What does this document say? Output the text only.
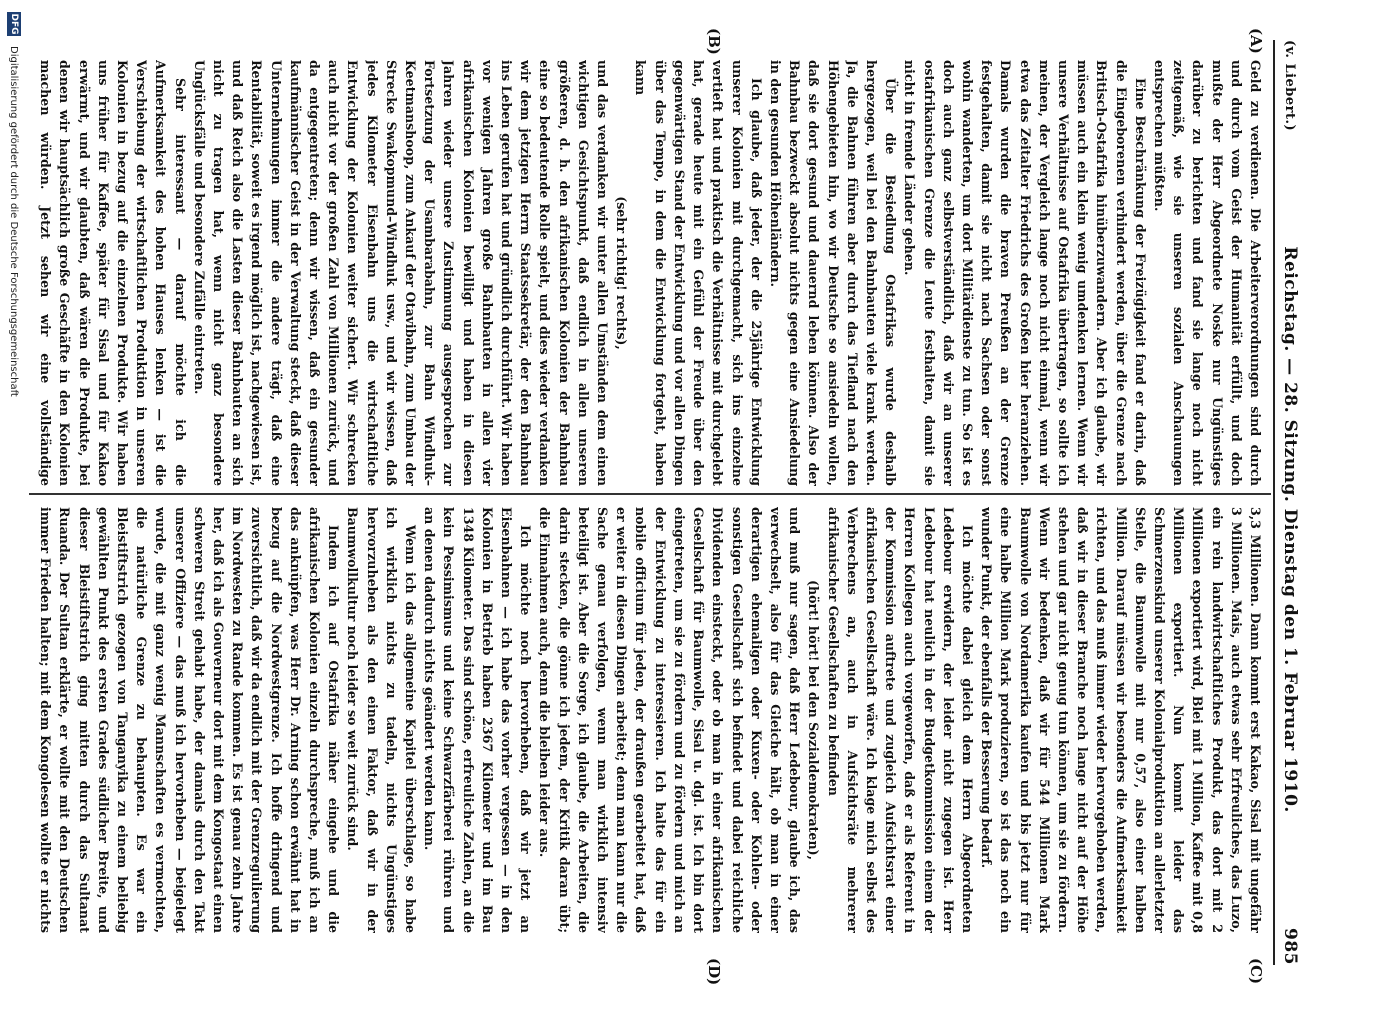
(v. Liebert.)
Reichstag. — 28. Sitzung. Dienstag den 1. Februar 1910.
985

Geld zu verdienen. Die Arbeiterverordnungen sind durch und durch vom Geist der Humanität erfüllt, und doch mußte der Herr Abgeordnete Noske nur Ungünstiges darüber zu berichten und fand sie lange noch nicht zeitgemäß, wie sie unseren sozialen Anschauungen entsprechen müßten.

Eine Beschränkung der Freizügigkeit fand er darin, daß die Eingeborenen verhindert werden, über die Grenze nach Britisch-Ostafrika hinüberzuwandern. Aber ich glaube, wir müssen auch ein klein wenig umdenken lernen. Wenn wir unsere Verhältnisse auf Ostafrika übertragen, so sollte ich meinen, der Vergleich lange noch nicht einmal, wenn wir etwa das Zeitalter Friedrichs des Großen hier heranziehen. Damals wurden die braven Preußen an der Grenze festgehalten, damit sie nicht nach Sachsen oder sonst wohin wanderten, um dort Militärdienste zu tun. So ist es doch auch ganz selbstverständlich, daß wir an unserer ostafrikanischen Grenze die Leute festhalten, damit sie nicht in fremde Länder gehen.

Über die Besiedlung Ostafrikas wurde deshalb hergezogen, weil bei den Bahnbauten viele krank werden. Ja, die Bahnen führen aber durch das Tiefland nach den Höhengebieten hin, wo wir Deutsche so ansiedeln wollen, daß sie dort gesund und dauernd leben können. Also der Bahnbau bezweckt absolut nichts gegen eine Ansiedelung in den gesunden Höhenländern.

Ich glaube, daß jeder, der die 25jährige Entwicklung unserer Kolonien mit durchgemacht, sich ins einzelne vertieft hat und praktisch die Verhältnisse mit durchgelebt hat, gerade heute mit ein Gefühl der Freude über den gegenwärtigen Stand der Entwicklung und vor allen Dingen über das Tempo, in dem die Entwicklung fortgeht, haben kann

(sehr richtig! rechts),

und das verdanken wir unter allen Umständen dem einen wichtigen Gesichtspunkt, daß endlich in allen unseren größeren, d. h. den afrikanischen Kolonien der Bahnbau eine so bedeutende Rolle spielt, und dies wieder verdanken wir dem jetzigen Herrn Staatssekretär, der den Bahnbau ins Leben gerufen hat und gründlich durchführt. Wir haben vor wenigen Jahren große Bahnbauten in allen vier afrikanischen Kolonien bewilligt und haben in diesen Jahren wieder unsere Zustimmung ausgesprochen zur Fortsetzung der Usambarabahn, zur Bahn Windhuk–Keetmanshoop, zum Ankauf der Otavibahn, zum Umbau der Strecke Swakopmund–Windhuk usw., und wir wissen, daß jedes Kilometer Eisenbahn uns die wirtschaftliche Entwicklung der Kolonien weiter sichert. Wir schrecken auch nicht vor der großen Zahl von Millionen zurück, und da entgegentreten; denn wir wissen, daß ein gesunder kaufmännischer Geist in der Verwaltung steckt, daß dieser Unternehmungen immer die andere trägt, daß eine Rentabilität, soweit es irgend möglich ist, nachgewiesen ist, und daß Reich also die Lasten dieser Bahnbauten an sich nicht zu tragen hat, wenn nicht ganz besondere Unglücksfälle und besondere Zufälle eintreten.

Sehr interessant — darauf möchte ich die Aufmerksamkeit des hohen Hauses lenken — ist die Verschiebung der wirtschaftlichen Produktion in unseren Kolonien in bezug auf die einzelnen Produkte. Wir haben uns früher für Kaffee, später für Sisal und für Kakao erwärmt, und wir glaubten, daß wären die Produkte, bei denen wir hauptsächlich große Geschäfte in den Kolonien machen würden. Jetzt sehen wir eine vollständige

3,3 Millionen. Dann kommt erst Kakao, Sisal mit ungefähr 3 Millionen. Mais, auch etwas sehr Erfreuliches, das Luzo, ein rein landwirtschaftliches Produkt, das dort mit 2 Millionen exportiert wird, Blei mit 1 Million, Kaffee mit 0,8 Millionen exportiert. Nun kommt leider das Schmerzenskind unserer Kolonialproduktion an allerletzter Stelle, die Baumwolle mit nur 0,57, also einer halben Million. Darauf müssen wir besonders die Aufmerksamkeit richten, und das muß immer wieder hervorgehoben werden, daß wir in dieser Branche noch lange nicht auf der Höhe stehen und gar nicht genug tun können, um sie zu fördern. Wenn wir bedenken, daß wir für 544 Millionen Mark Baumwolle von Nordamerika kaufen und bis jetzt nur für eine halbe Million Mark produzieren, so ist das noch ein wunder Punkt, der ebenfalls der Besserung bedarf.

Ich möchte dabei gleich dem Herrn Abgeordneten Ledebour erwidern, der leider nicht zugegen ist. Herr Ledebour hat neulich in der Budgetkommission einem der Herren Kollegen auch vorgeworfen, daß er als Referent in der Kommission auftrete und zugleich Aufsichtsrat einer afrikanischen Gesellschaft wäre. Ich klage mich selbst des Verbrechens an, auch in Aufsichtsräte mehrerer afrikanischer Gesellschaften zu befinden

(hört! hört! bei den Sozialdemokraten),

und muß nur sagen, daß Herr Ledebour, glaube ich, das verwechselt, also für das Gleiche hält, ob man in einer derartigen ehemaligen oder Kuxen- oder Kohlen- oder sonstigen Gesellschaft sich befindet und dabei reichliche Dividenden einsteckt, oder ob man in einer afrikanischen Gesellschaft für Baumwolle, Sisal u. dgl. ist. Ich bin dort eingetreten, um sie zu fördern und zu fördern und mich an der Entwicklung zu interessieren. Ich halte das für ein nobile officium für jeden, der draußen gearbeitet hat, daß er weiter in diesen Dingen arbeitet; denn man kann nur die Sache genau verfolgen, wenn man wirklich intensiv beteiligt ist. Aber die Sorge, ich glaube, die Arbeiten, die darin stecken, die gönne ich jedem, der Kritik daran übt; die Einnahmen auch, denn die bleiben leider aus.

Ich möchte noch hervorheben, daß wir jetzt an Eisenbahnen — ich habe das vorher vergessen — in den Kolonien in Betrieb haben 2367 Kilometer und im Bau 1348 Kilometer. Das sind schöne, erfreuliche Zahlen, an die kein Pessimismus und keine Schwarzfärberei rühren und an denen dadurch nichts geändert werden kann.

Wenn ich das allgemeine Kapitel überschlage, so habe ich wirklich nichts zu tadeln, nichts Ungünstiges hervorzuheben als den einen Faktor, daß wir in der Baumwollkultur noch leider so weit zurück sind.

Indem ich auf Ostafrika näher eingehe und die afrikanischen Kolonien einzeln durchspreche, muß ich an das anknüpfen, was Herr Dr. Arning schon erwähnt hat in bezug auf die Nordwestgrenze. Ich hoffe dringend und zuversichtlich, daß wir da endlich mit der Grenzregulierung im Nordwesten zu Rande kommen. Es ist genau zehn Jahre her, daß ich als Gouverneur dort mit dem Kongostaat einen schweren Streit gehabt habe, der damals durch den Takt unserer Offiziere — das muß ich hervorheben — beigelegt wurde, die mit ganz wenig Mannschaften es vermochten, die natürliche Grenze zu behaupten. Es war ein Bleistiftstrich gezogen von Tanganyika zu einem beliebig gewählten Punkt des ersten Grades südlicher Breite, und dieser Bleistiftstrich ging mitten durch das Sultanat Ruanda. Der Sultan erklärte, er wollte mit den Deutschen immer Frieden halten; mit dem Kongolesen wollte er nichts

(A)
(B)
(C)
(D)
DFG
Digitalisierung gefördert durch die Deutsche Forschungsgemeinschaft
